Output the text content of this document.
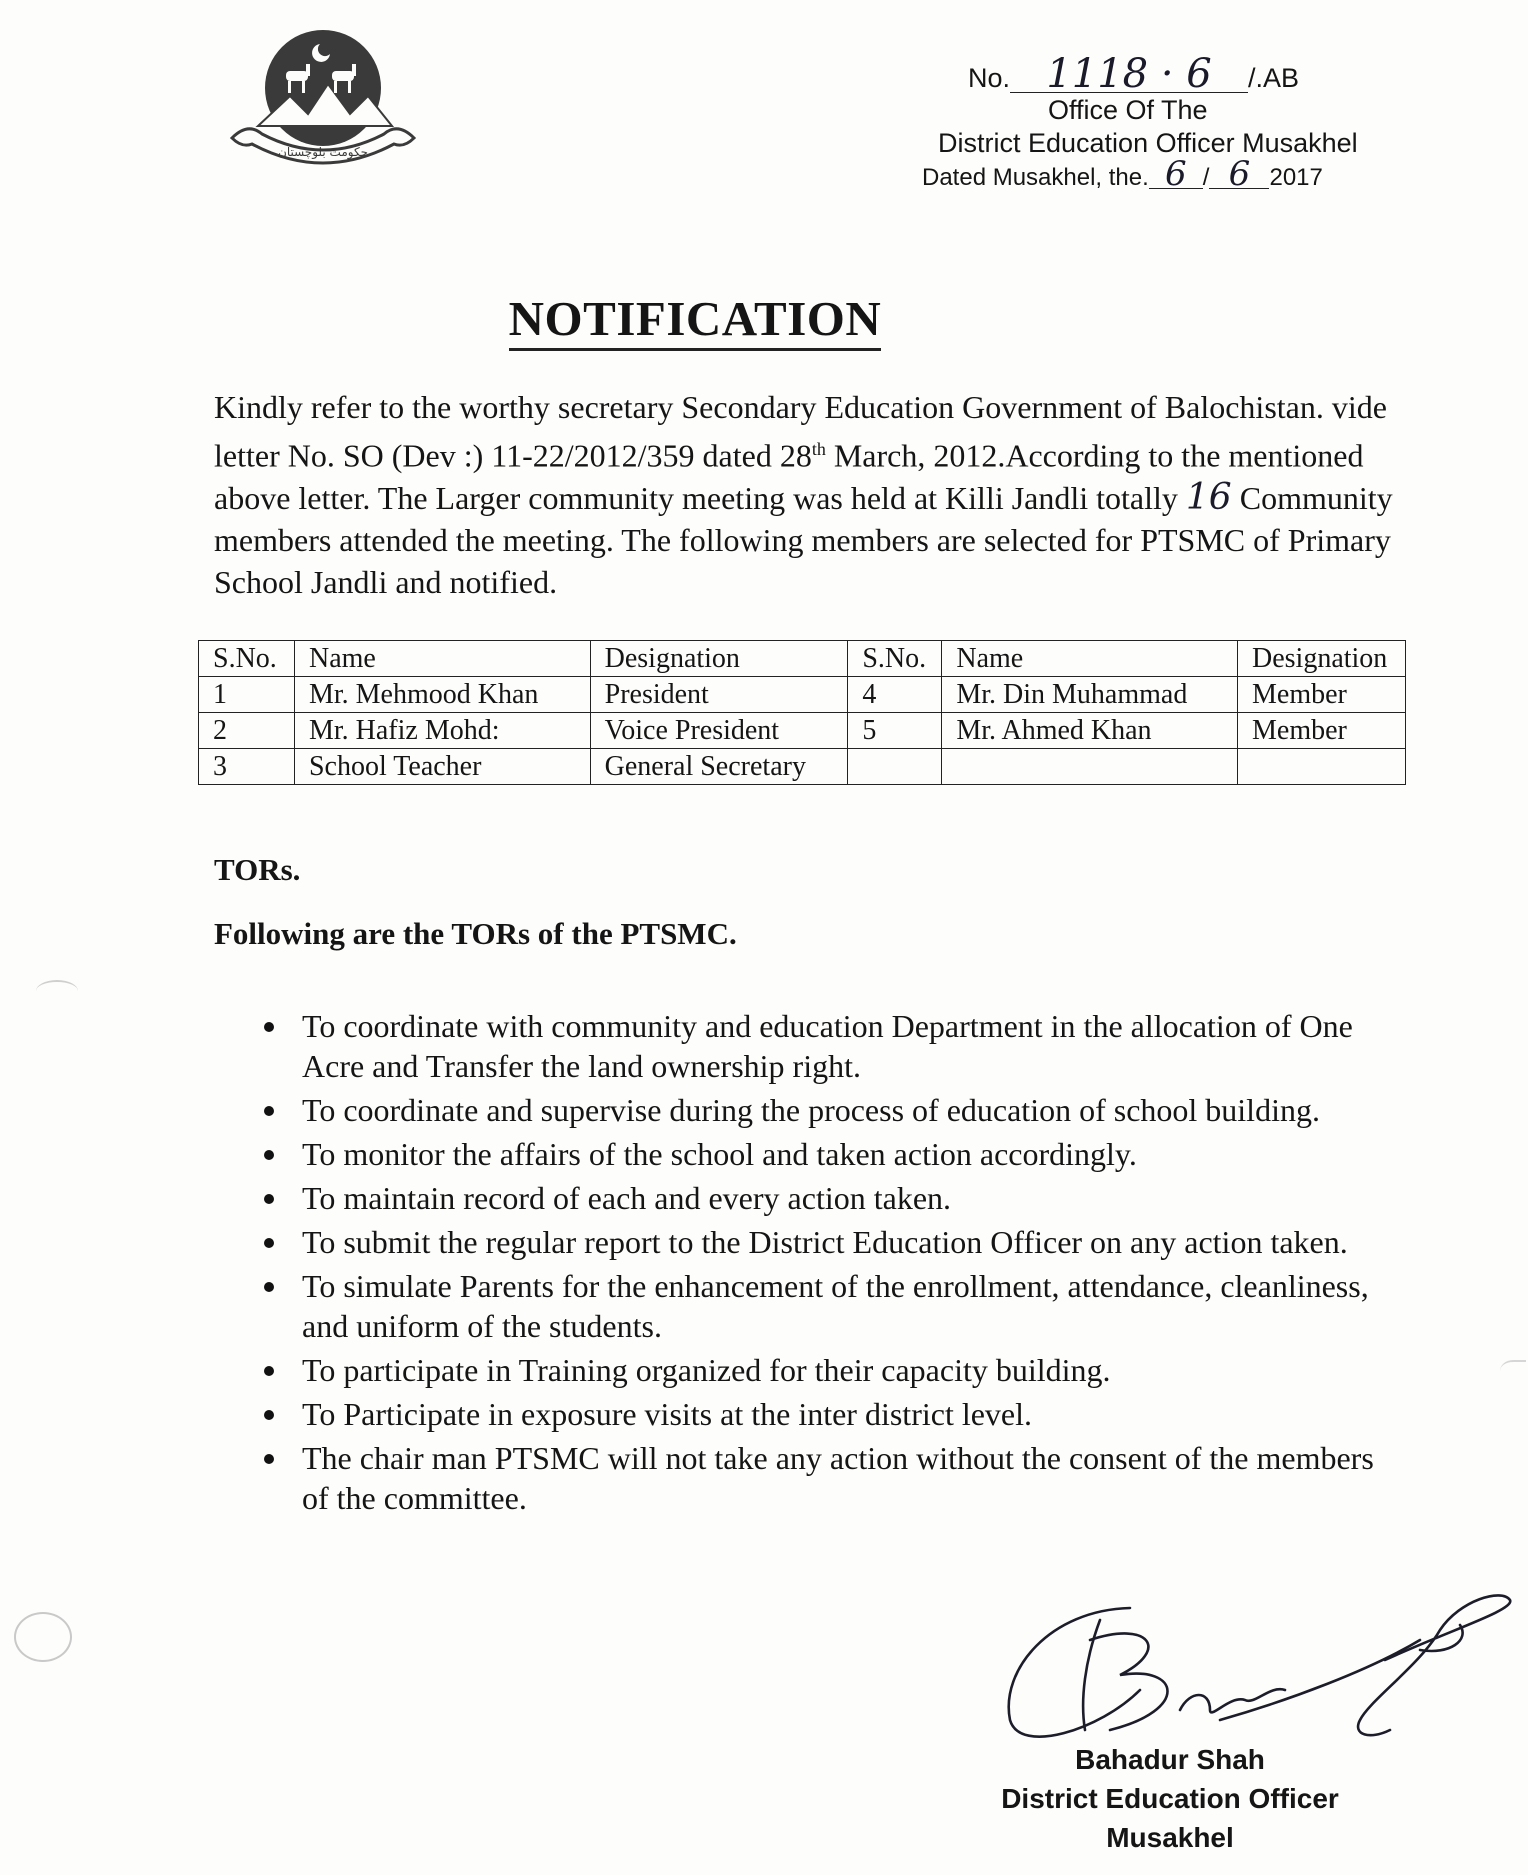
حکومت بلوچستان
No. 1118 · 6 /.AB
Office Of The
District Education Officer Musakhel
Dated Musakhel, the. 6 / 6 2017
NOTIFICATION

Kindly refer to the worthy secretary Secondary Education Government of Balochistan. vide letter No. SO (Dev :) 11-22/2012/359 dated 28th March, 2012.According to the mentioned above letter. The Larger community meeting was held at Killi Jandli totally 16 Community members attended the meeting. The following members are selected for PTSMC of Primary School Jandli and notified.

S.No.	Name	Designation	S.No.	Name	Designation
1	Mr. Mehmood Khan	President	4	Mr. Din Muhammad	Member
2	Mr. Hafiz Mohd:	Voice President	5	Mr. Ahmed Khan	Member
3	School Teacher	General Secretary			
TORs.
Following are the TORs of the PTSMC.
To coordinate with community and education Department in the allocation of One Acre and Transfer the land ownership right.
To coordinate and supervise during the process of education of school building.
To monitor the affairs of the school and taken action accordingly.
To maintain record of each and every action taken.
To submit the regular report to the District Education Officer on any action taken.
To simulate Parents for the enhancement of the enrollment, attendance, cleanliness, and uniform of the students.
To participate in Training organized for their capacity building.
To Participate in exposure visits at the inter district level.
The chair man PTSMC will not take any action without the consent of the members of the committee.
Bahadur Shah
District Education Officer
Musakhel
